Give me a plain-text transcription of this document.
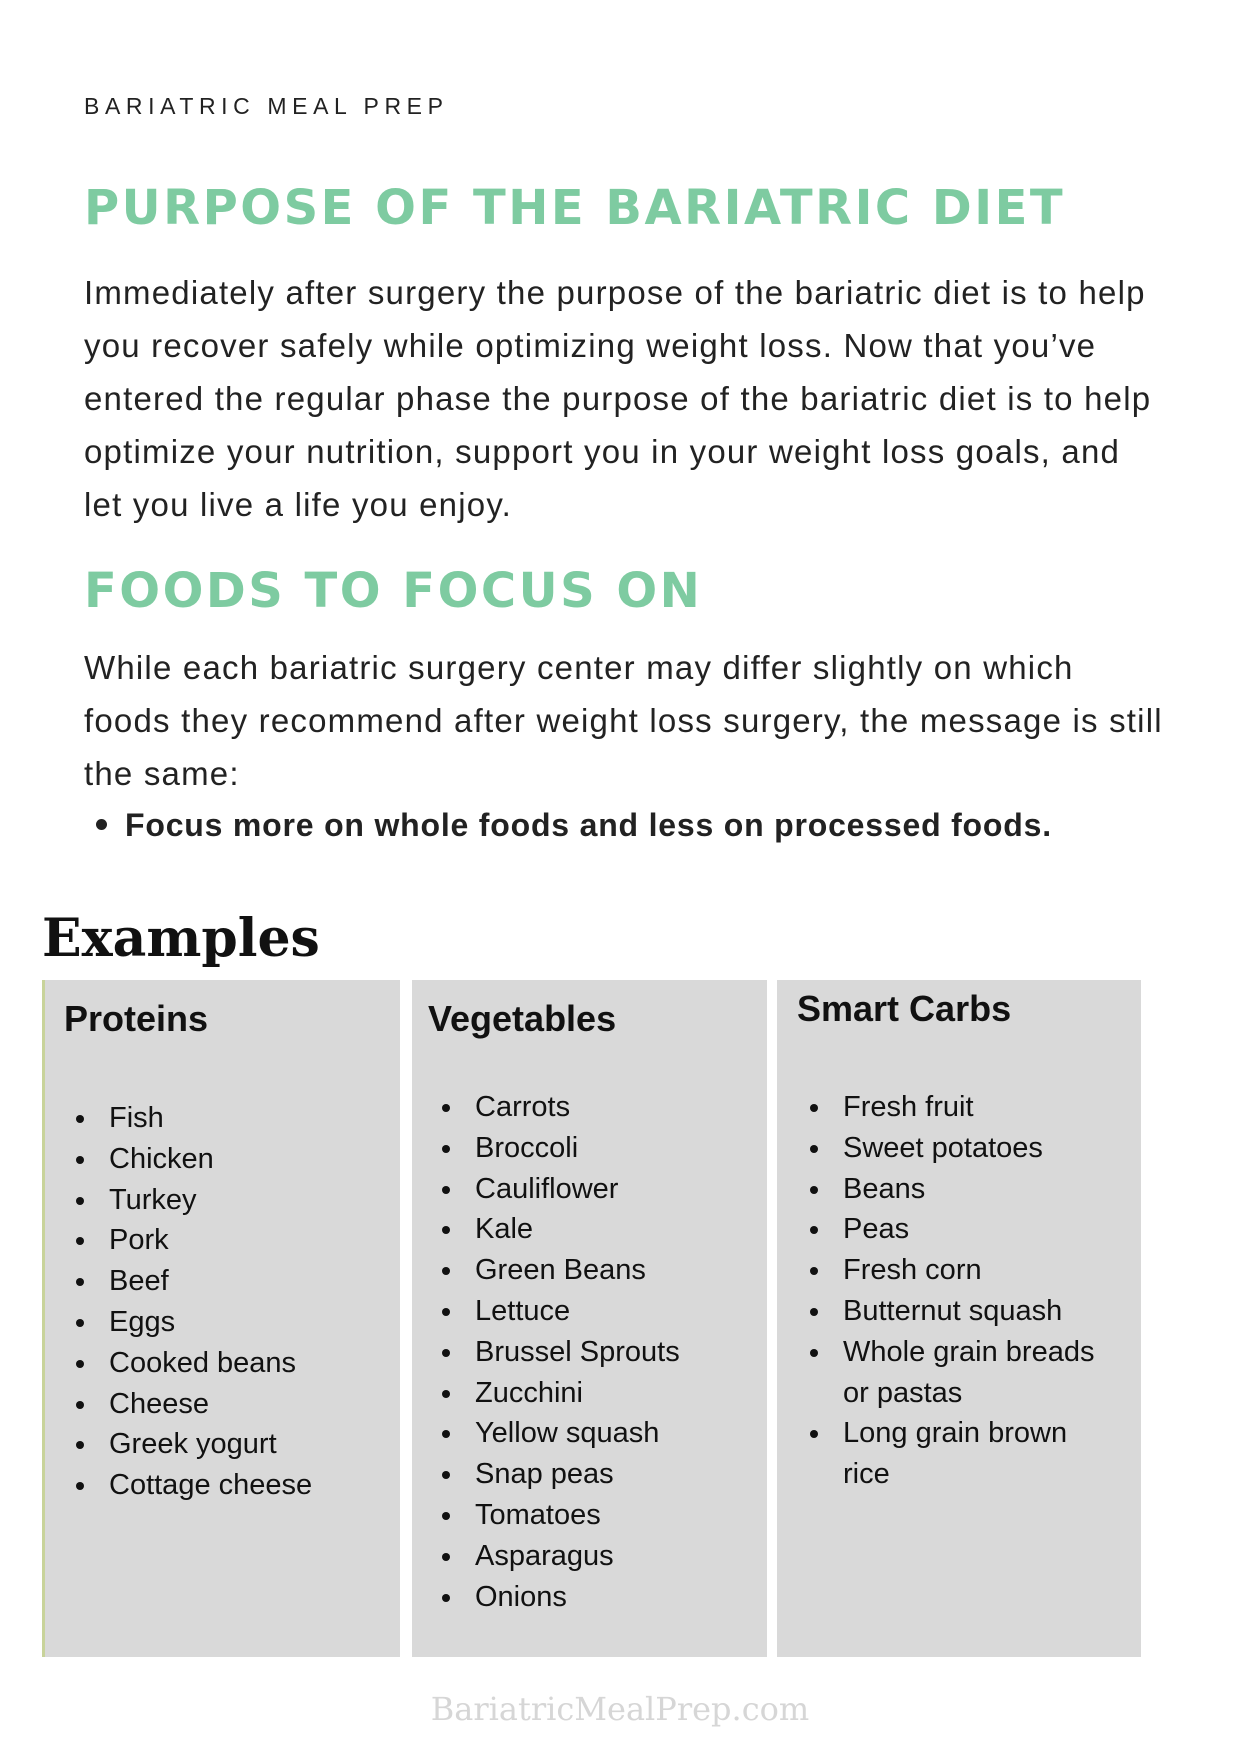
BARIATRIC MEAL PREP
PURPOSE OF THE BARIATRIC DIET

Immediately after surgery the purpose of the bariatric diet is to help you recover safely while optimizing weight loss. Now that you’ve entered the regular phase the purpose of the bariatric diet is to help optimize your nutrition, support you in your weight loss goals, and let you live a life you enjoy.

FOODS TO FOCUS ON

While each bariatric surgery center may differ slightly on which foods they recommend after weight loss surgery, the message is still the same:

Focus more on whole foods and less on processed foods.
Examples
Proteins
Fish
Chicken
Turkey
Pork
Beef
Eggs
Cooked beans
Cheese
Greek yogurt
Cottage cheese
Vegetables
Carrots
Broccoli
Cauliflower
Kale
Green Beans
Lettuce
Brussel Sprouts
Zucchini
Yellow squash
Snap peas
Tomatoes
Asparagus
Onions
Smart Carbs
Fresh fruit
Sweet potatoes
Beans
Peas
Fresh corn
Butternut squash
Whole grain breads or pastas
Long grain brown rice
BariatricMealPrep.com
